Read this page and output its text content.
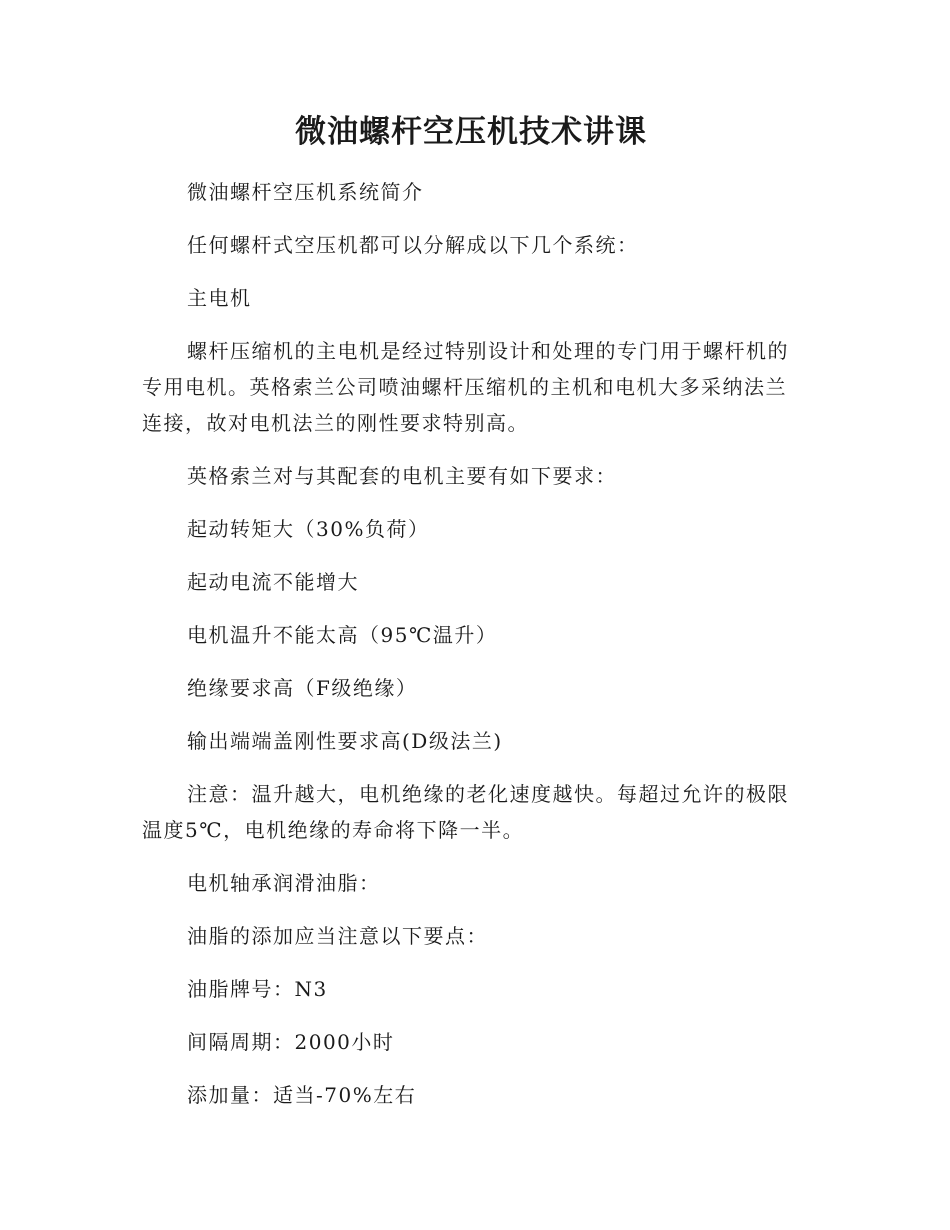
微油螺杆空压机技术讲课

微油螺杆空压机系统简介

任何螺杆式空压机都可以分解成以下几个系统：

主电机

螺杆压缩机的主电机是经过特别设计和处理的专门用于螺杆机的专用电机。英格索兰公司喷油螺杆压缩机的主机和电机大多采纳法兰连接，故对电机法兰的刚性要求特别高。

英格索兰对与其配套的电机主要有如下要求：

起动转矩大（30%负荷）

起动电流不能增大

电机温升不能太高（95℃温升）

绝缘要求高（F级绝缘）

输出端端盖刚性要求高(D级法兰)

注意：温升越大，电机绝缘的老化速度越快。每超过允许的极限温度5℃，电机绝缘的寿命将下降一半。

电机轴承润滑油脂：

油脂的添加应当注意以下要点：

油脂牌号：N3

间隔周期：2000小时

添加量：适当-70%左右
